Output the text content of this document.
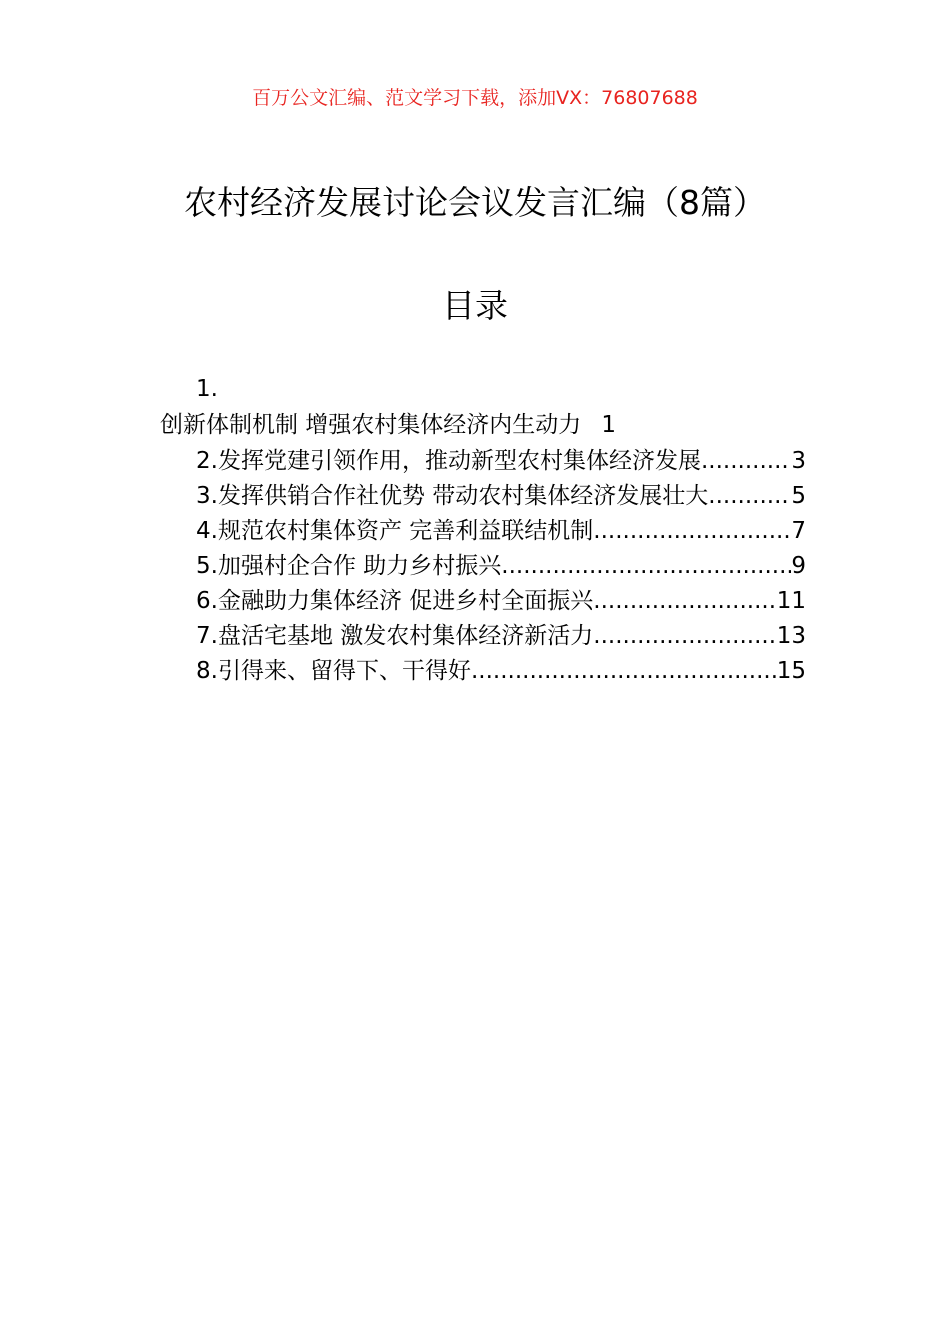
百万公文汇编、范文学习下载，添加VX：76807688
农村经济发展讨论会议发言汇编（8篇）
目录
1.
创新体制机制 增强农村集体经济内生动力 1
2.发挥党建引领作用，推动新型农村集体经济发展 .....	3
3.发挥供销合作社优势 带动农村集体经济发展壮大 .....	5
4.规范农村集体资产 完善利益联结机制 .....	7
5.加强村企合作 助力乡村振兴 .....	9
6.金融助力集体经济 促进乡村全面振兴 .....	11
7.盘活宅基地 激发农村集体经济新活力 .....	13
8.引得来、留得下、干得好 .....	15
